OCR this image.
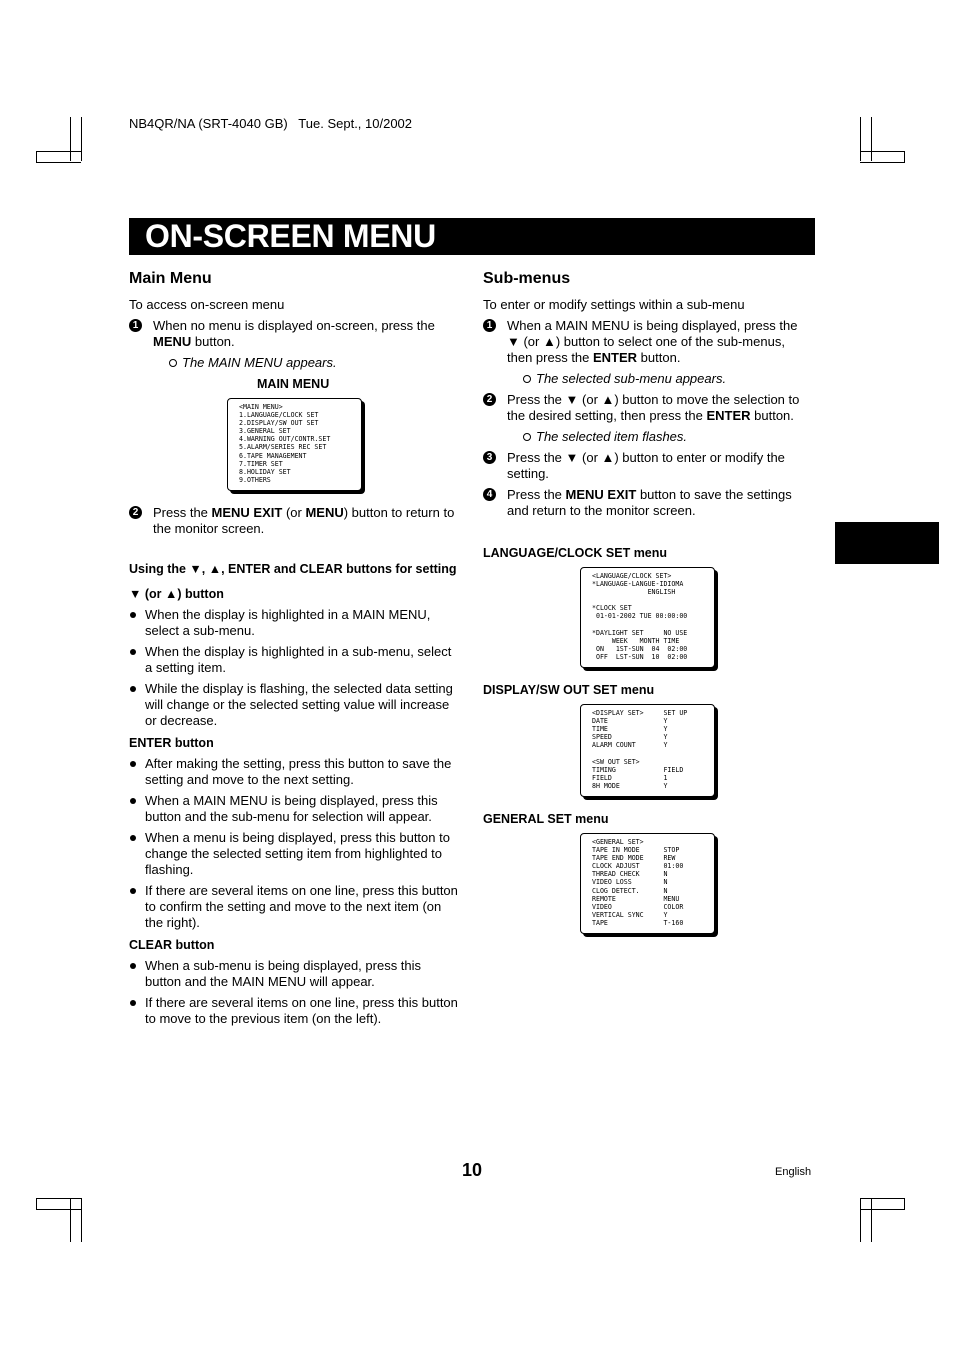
NB4QR/NA (SRT-4040 GB)   Tue. Sept., 10/2002
ON-SCREEN MENU
Main Menu

To access on-screen menu

1 When no menu is displayed on-screen, press the MENU button.
The MAIN MENU appears.
MAIN MENU
<MAIN MENU>
1.LANGUAGE/CLOCK SET
2.DISPLAY/SW OUT SET
3.GENERAL SET
4.WARNING OUT/CONTR.SET
5.ALARM/SERIES REC SET
6.TAPE MANAGEMENT
7.TIMER SET
8.HOLIDAY SET
9.OTHERS
2 Press the MENU EXIT (or MENU) button to return to the monitor screen.
Using the ▼, ▲, ENTER and CLEAR buttons for setting
▼ (or ▲) button
When the display is highlighted in a MAIN MENU, select a sub-menu.
When the display is highlighted in a sub-menu, select a setting item.
While the display is flashing, the selected data setting will change or the selected setting value will increase or decrease.
ENTER button
After making the setting, press this button to save the setting and move to the next setting.
When a MAIN MENU is being displayed, press this button and the sub-menu for selection will appear.
When a menu is being displayed, press this button to change the selected setting item from highlighted to flashing.
If there are several items on one line, press this button to confirm the setting and move to the next item (on the right).
CLEAR button
When a sub-menu is being displayed, press this button and the MAIN MENU will appear.
If there are several items on one line, press this button to move to the previous item (on the left).
Sub-menus

To enter or modify settings within a sub-menu

1 When a MAIN MENU is being displayed, press the ▼ (or ▲) button to select one of the sub-menus, then press the ENTER button.
The selected sub-menu appears.
2 Press the ▼ (or ▲) button to move the selection to the desired setting, then press the ENTER button.
The selected item flashes.
3 Press the ▼ (or ▲) button to enter or modify the setting.
4 Press the MENU EXIT button to save the settings and return to the monitor screen.
LANGUAGE/CLOCK SET menu
<LANGUAGE/CLOCK SET>
*LANGUAGE-LANGUE-IDIOMA
ENGLISH

*CLOCK SET
01-01-2002 TUE 00:00:00

*DAYLIGHT SET     NO USE
WEEK   MONTH TIME
ON   1ST-SUN  04  02:00
OFF  LST-SUN  10  02:00
DISPLAY/SW OUT SET menu
<DISPLAY SET>     SET UP
DATE              Y
TIME              Y
SPEED             Y
ALARM COUNT       Y

<SW OUT SET>
TIMING            FIELD
FIELD             1
8H MODE           Y
GENERAL SET menu
<GENERAL SET>
TAPE IN MODE      STOP
TAPE END MODE     REW
CLOCK ADJUST      01:00
THREAD CHECK      N
VIDEO LOSS        N
CLOG DETECT.      N
REMOTE            MENU
VIDEO             COLOR
VERTICAL SYNC     Y
TAPE              T-160
10	English
